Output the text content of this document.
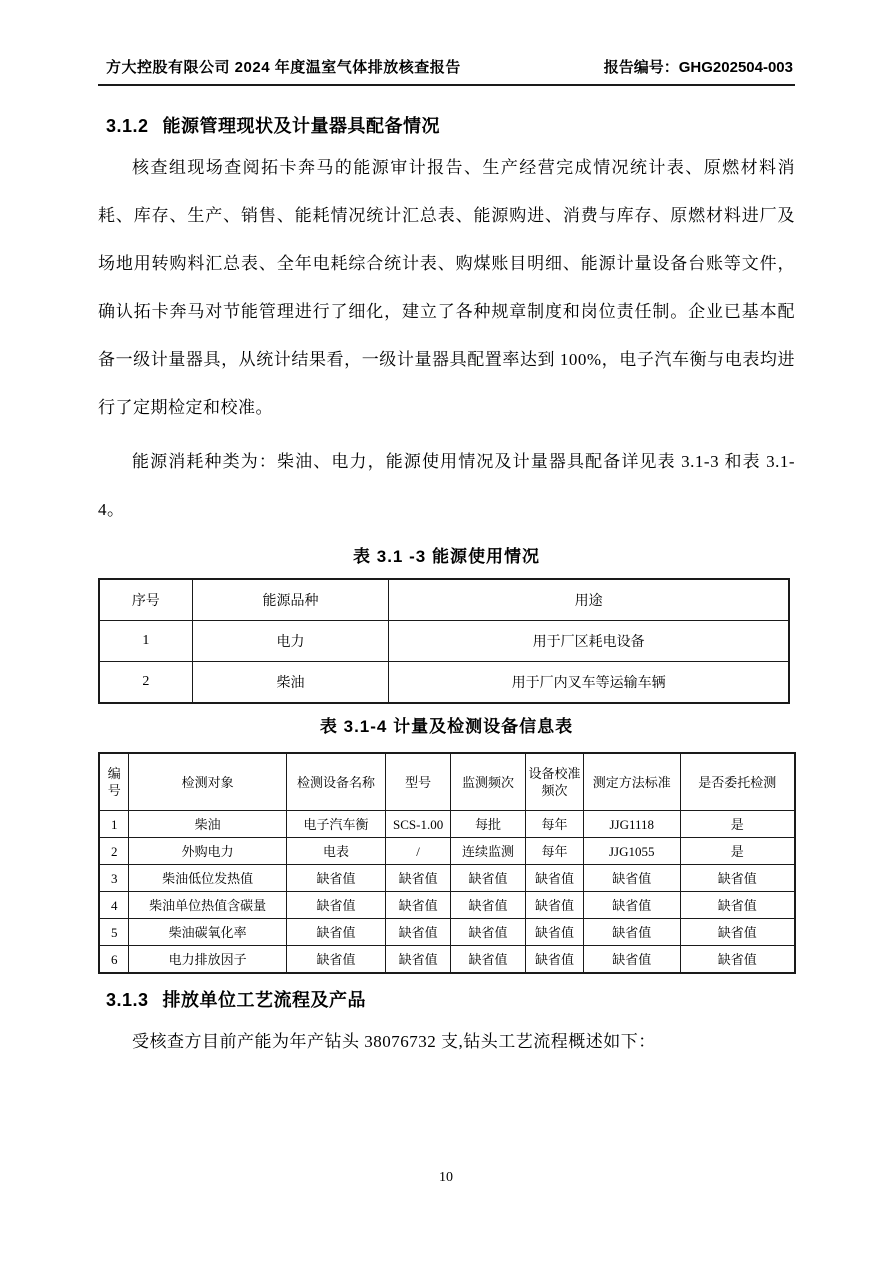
方大控股有限公司 2024 年度温室气体排放核查报告	报告编号：GHG202504-003
3.1.2 能源管理现状及计量器具配备情况

核查组现场查阅拓卡奔马的能源审计报告、生产经营完成情况统计表、原燃材料消耗、库存、生产、销售、能耗情况统计汇总表、能源购进、消费与库存、原燃材料进厂及场地用转购料汇总表、全年电耗综合统计表、购煤账目明细、能源计量设备台账等文件，确认拓卡奔马对节能管理进行了细化，建立了各种规章制度和岗位责任制。企业已基本配备一级计量器具，从统计结果看，一级计量器具配置率达到 100%，电子汽车衡与电表均进行了定期检定和校准。

能源消耗种类为：柴油、电力，能源使用情况及计量器具配备详见表 3.1-3 和表 3.1-4。

表 3.1 -3 能源使用情况
序号	能源品种	用途
1	电力	用于厂区耗电设备
2	柴油	用于厂内叉车等运输车辆
表 3.1-4 计量及检测设备信息表
编号	检测对象	检测设备名称	型号	监测频次	设备校准频次	测定方法标准	是否委托检测
1	柴油	电子汽车衡	SCS-1.00	每批	每年	JJG1118	是
2	外购电力	电表	/	连续监测	每年	JJG1055	是
3	柴油低位发热值	缺省值	缺省值	缺省值	缺省值	缺省值	缺省值
4	柴油单位热值含碳量	缺省值	缺省值	缺省值	缺省值	缺省值	缺省值
5	柴油碳氧化率	缺省值	缺省值	缺省值	缺省值	缺省值	缺省值
6	电力排放因子	缺省值	缺省值	缺省值	缺省值	缺省值	缺省值
3.1.3 排放单位工艺流程及产品

受核查方目前产能为年产钻头 38076732 支,钻头工艺流程概述如下：

10
